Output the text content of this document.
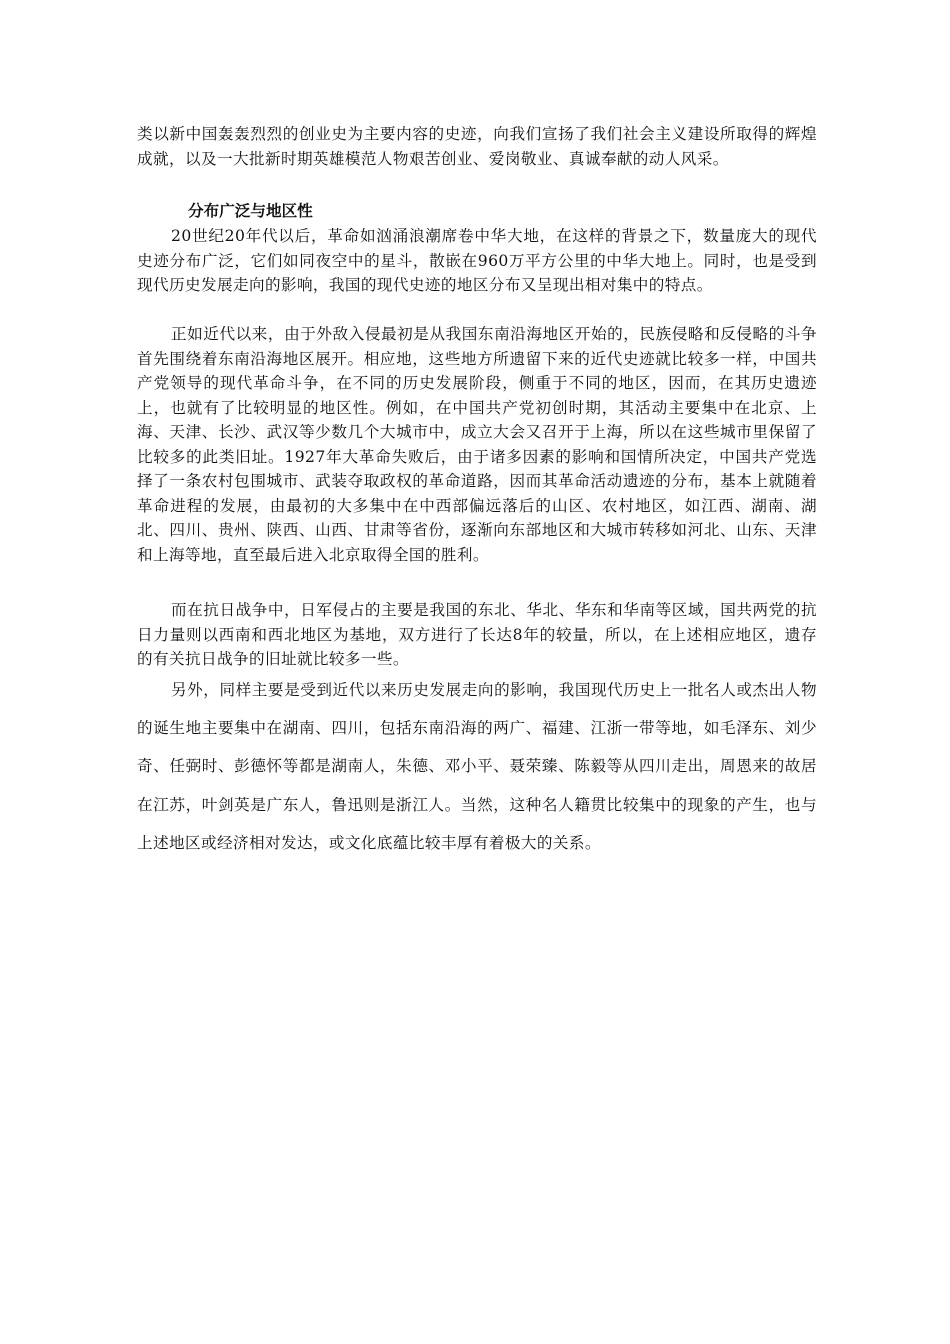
类以新中国轰轰烈烈的创业史为主要内容的史迹，向我们宣扬了我们社会主义建设所取得的辉煌成就，以及一大批新时期英雄模范人物艰苦创业、爱岗敬业、真诚奉献的动人风采。

分布广泛与地区性

20世纪20年代以后，革命如汹涌浪潮席卷中华大地，在这样的背景之下，数量庞大的现代史迹分布广泛，它们如同夜空中的星斗，散嵌在960万平方公里的中华大地上。同时，也是受到现代历史发展走向的影响，我国的现代史迹的地区分布又呈现出相对集中的特点。

正如近代以来，由于外敌入侵最初是从我国东南沿海地区开始的，民族侵略和反侵略的斗争首先围绕着东南沿海地区展开。相应地，这些地方所遗留下来的近代史迹就比较多一样，中国共产党领导的现代革命斗争，在不同的历史发展阶段，侧重于不同的地区，因而，在其历史遗迹上，也就有了比较明显的地区性。例如，在中国共产党初创时期，其活动主要集中在北京、上海、天津、长沙、武汉等少数几个大城市中，成立大会又召开于上海，所以在这些城市里保留了比较多的此类旧址。1927年大革命失败后，由于诸多因素的影响和国情所决定，中国共产党选择了一条农村包围城市、武装夺取政权的革命道路，因而其革命活动遗迹的分布，基本上就随着革命进程的发展，由最初的大多集中在中西部偏远落后的山区、农村地区，如江西、湖南、湖北、四川、贵州、陕西、山西、甘肃等省份，逐渐向东部地区和大城市转移如河北、山东、天津和上海等地，直至最后进入北京取得全国的胜利。

而在抗日战争中，日军侵占的主要是我国的东北、华北、华东和华南等区域，国共两党的抗日力量则以西南和西北地区为基地，双方进行了长达8年的较量，所以，在上述相应地区，遗存的有关抗日战争的旧址就比较多一些。

另外，同样主要是受到近代以来历史发展走向的影响，我国现代历史上一批名人或杰出人物的诞生地主要集中在湖南、四川，包括东南沿海的两广、福建、江浙一带等地，如毛泽东、刘少奇、任弼时、彭德怀等都是湖南人，朱德、邓小平、聂荣臻、陈毅等从四川走出，周恩来的故居在江苏，叶剑英是广东人，鲁迅则是浙江人。当然，这种名人籍贯比较集中的现象的产生，也与上述地区或经济相对发达，或文化底蕴比较丰厚有着极大的关系。
